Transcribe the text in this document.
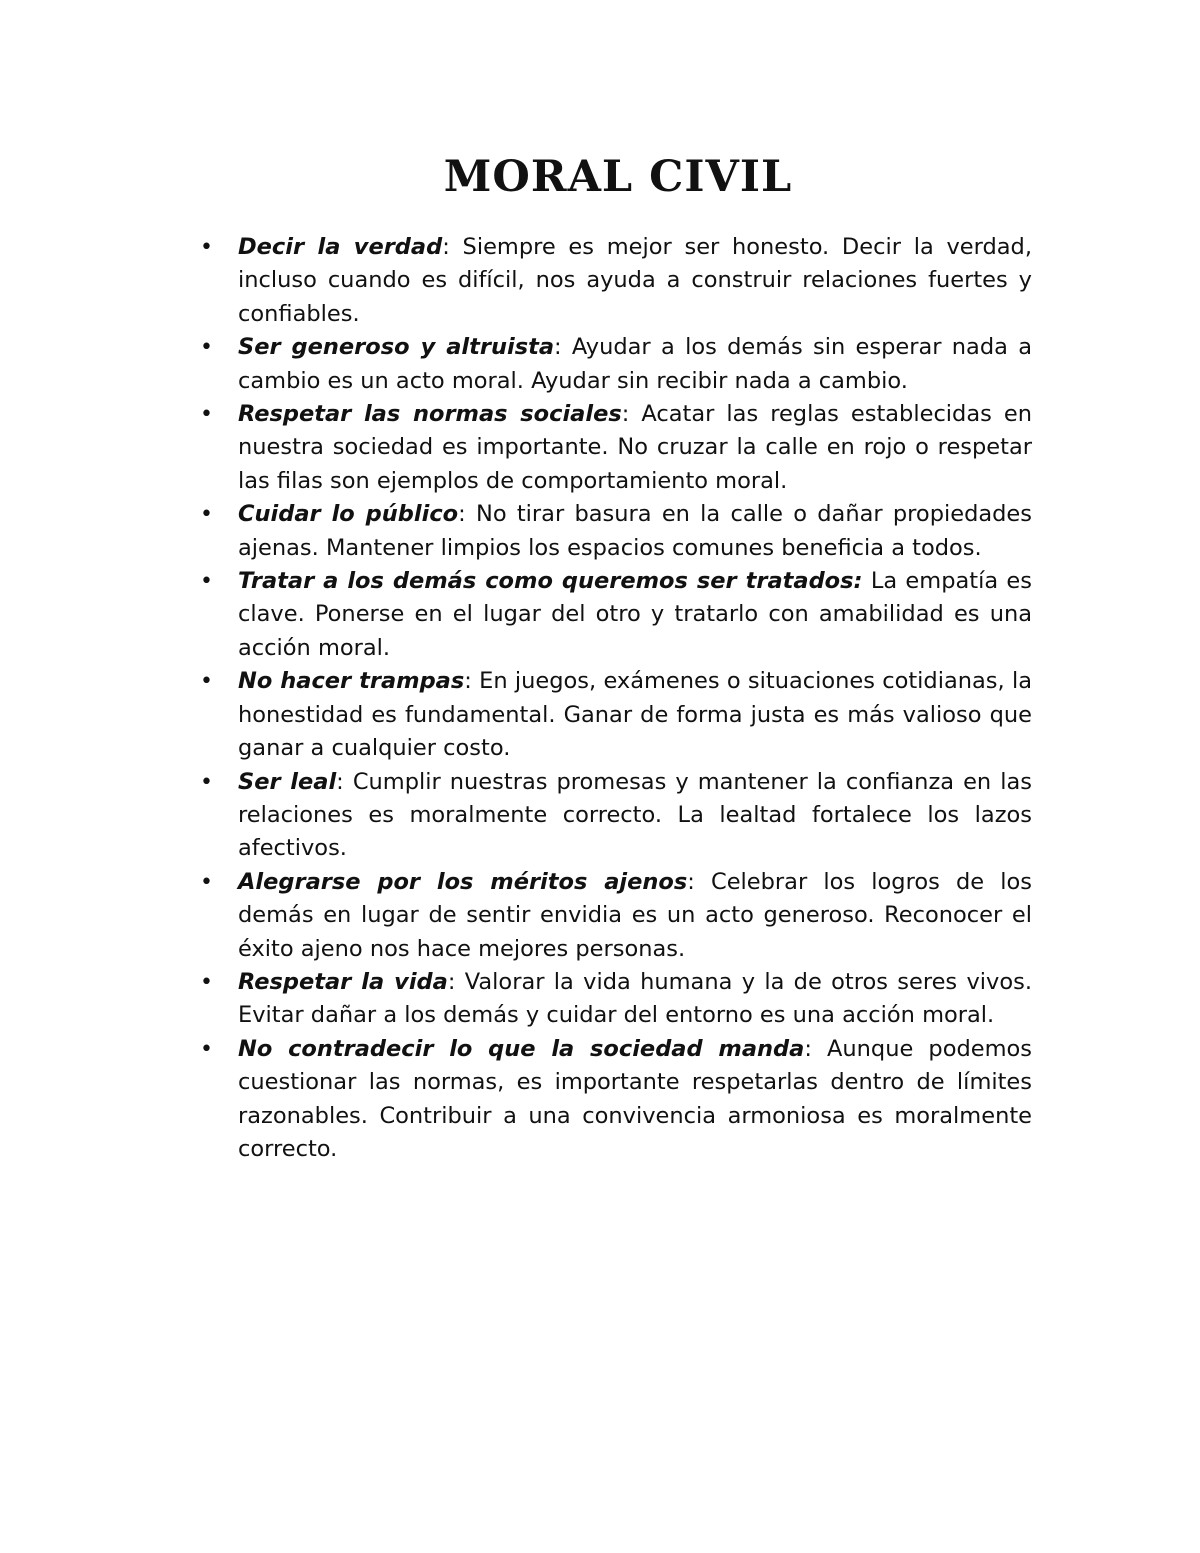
MORAL CIVIL
• Decir la verdad: Siempre es mejor ser honesto. Decir la verdad, incluso cuando es difícil, nos ayuda a construir relaciones fuertes y confiables.
• Ser generoso y altruista: Ayudar a los demás sin esperar nada a cambio es un acto moral. Ayudar sin recibir nada a cambio.
• Respetar las normas sociales: Acatar las reglas establecidas en nuestra sociedad es importante. No cruzar la calle en rojo o respetar las filas son ejemplos de comportamiento moral.
• Cuidar lo público: No tirar basura en la calle o dañar propiedades ajenas. Mantener limpios los espacios comunes beneficia a todos.
• Tratar a los demás como queremos ser tratados: La empatía es clave. Ponerse en el lugar del otro y tratarlo con amabilidad es una acción moral.
• No hacer trampas: En juegos, exámenes o situaciones cotidianas, la honestidad es fundamental. Ganar de forma justa es más valioso que ganar a cualquier costo.
• Ser leal: Cumplir nuestras promesas y mantener la confianza en las relaciones es moralmente correcto. La lealtad fortalece los lazos afectivos.
• Alegrarse por los méritos ajenos: Celebrar los logros de los demás en lugar de sentir envidia es un acto generoso. Reconocer el éxito ajeno nos hace mejores personas.
• Respetar la vida: Valorar la vida humana y la de otros seres vivos. Evitar dañar a los demás y cuidar del entorno es una acción moral.
• No contradecir lo que la sociedad manda: Aunque podemos cuestionar las normas, es importante respetarlas dentro de límites razonables. Contribuir a una convivencia armoniosa es moralmente correcto.
